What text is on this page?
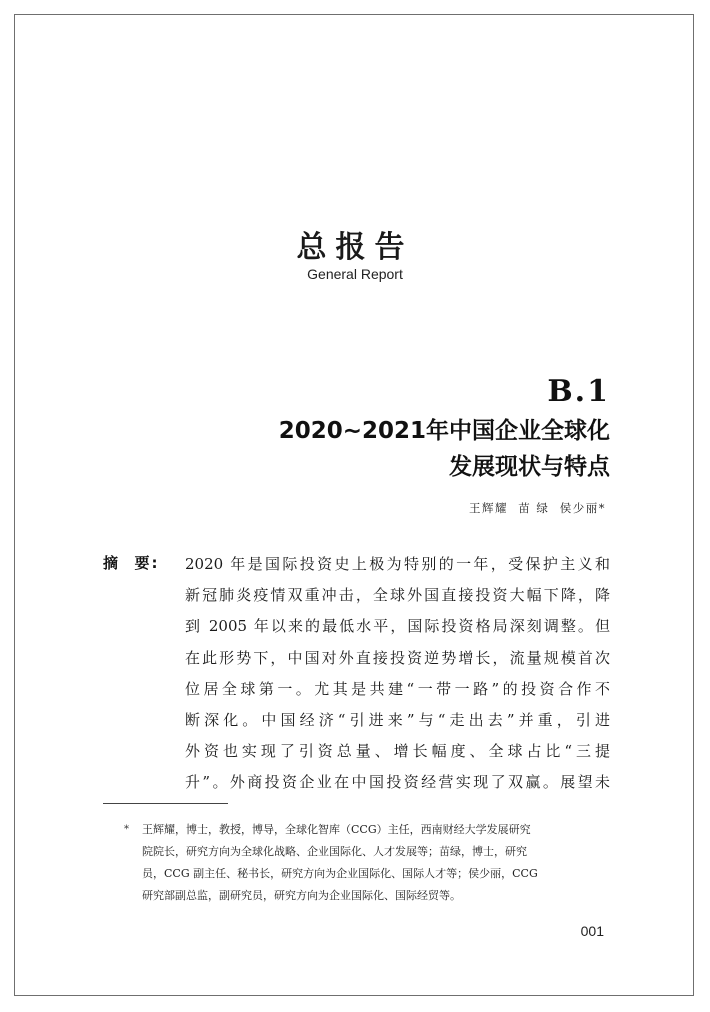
总报告
General Report
B.1
2020~2021年中国企业全球化
发展现状与特点
王辉耀  苗 绿  侯少丽*
摘  要: 2020 年是国际投资史上极为特别的一年，受保护主义和
新冠肺炎疫情双重冲击，全球外国直接投资大幅下降，降
到 2005 年以来的最低水平，国际投资格局深刻调整。但
在此形势下，中国对外直接投资逆势增长，流量规模首次
位居全球第一。尤其是共建“一带一路”的投资合作不
断深化。中国经济“引进来”与“走出去”并重，引进
外资也实现了引资总量、增长幅度、全球占比“三提
升”。外商投资企业在中国投资经营实现了双赢。展望未
* 王辉耀，博士，教授，博导，全球化智库（CCG）主任，西南财经大学发展研究
院院长，研究方向为全球化战略、企业国际化、人才发展等；苗绿，博士，研究
员，CCG 副主任、秘书长，研究方向为企业国际化、国际人才等；侯少丽，CCG
研究部副总监，副研究员，研究方向为企业国际化、国际经贸等。
001
